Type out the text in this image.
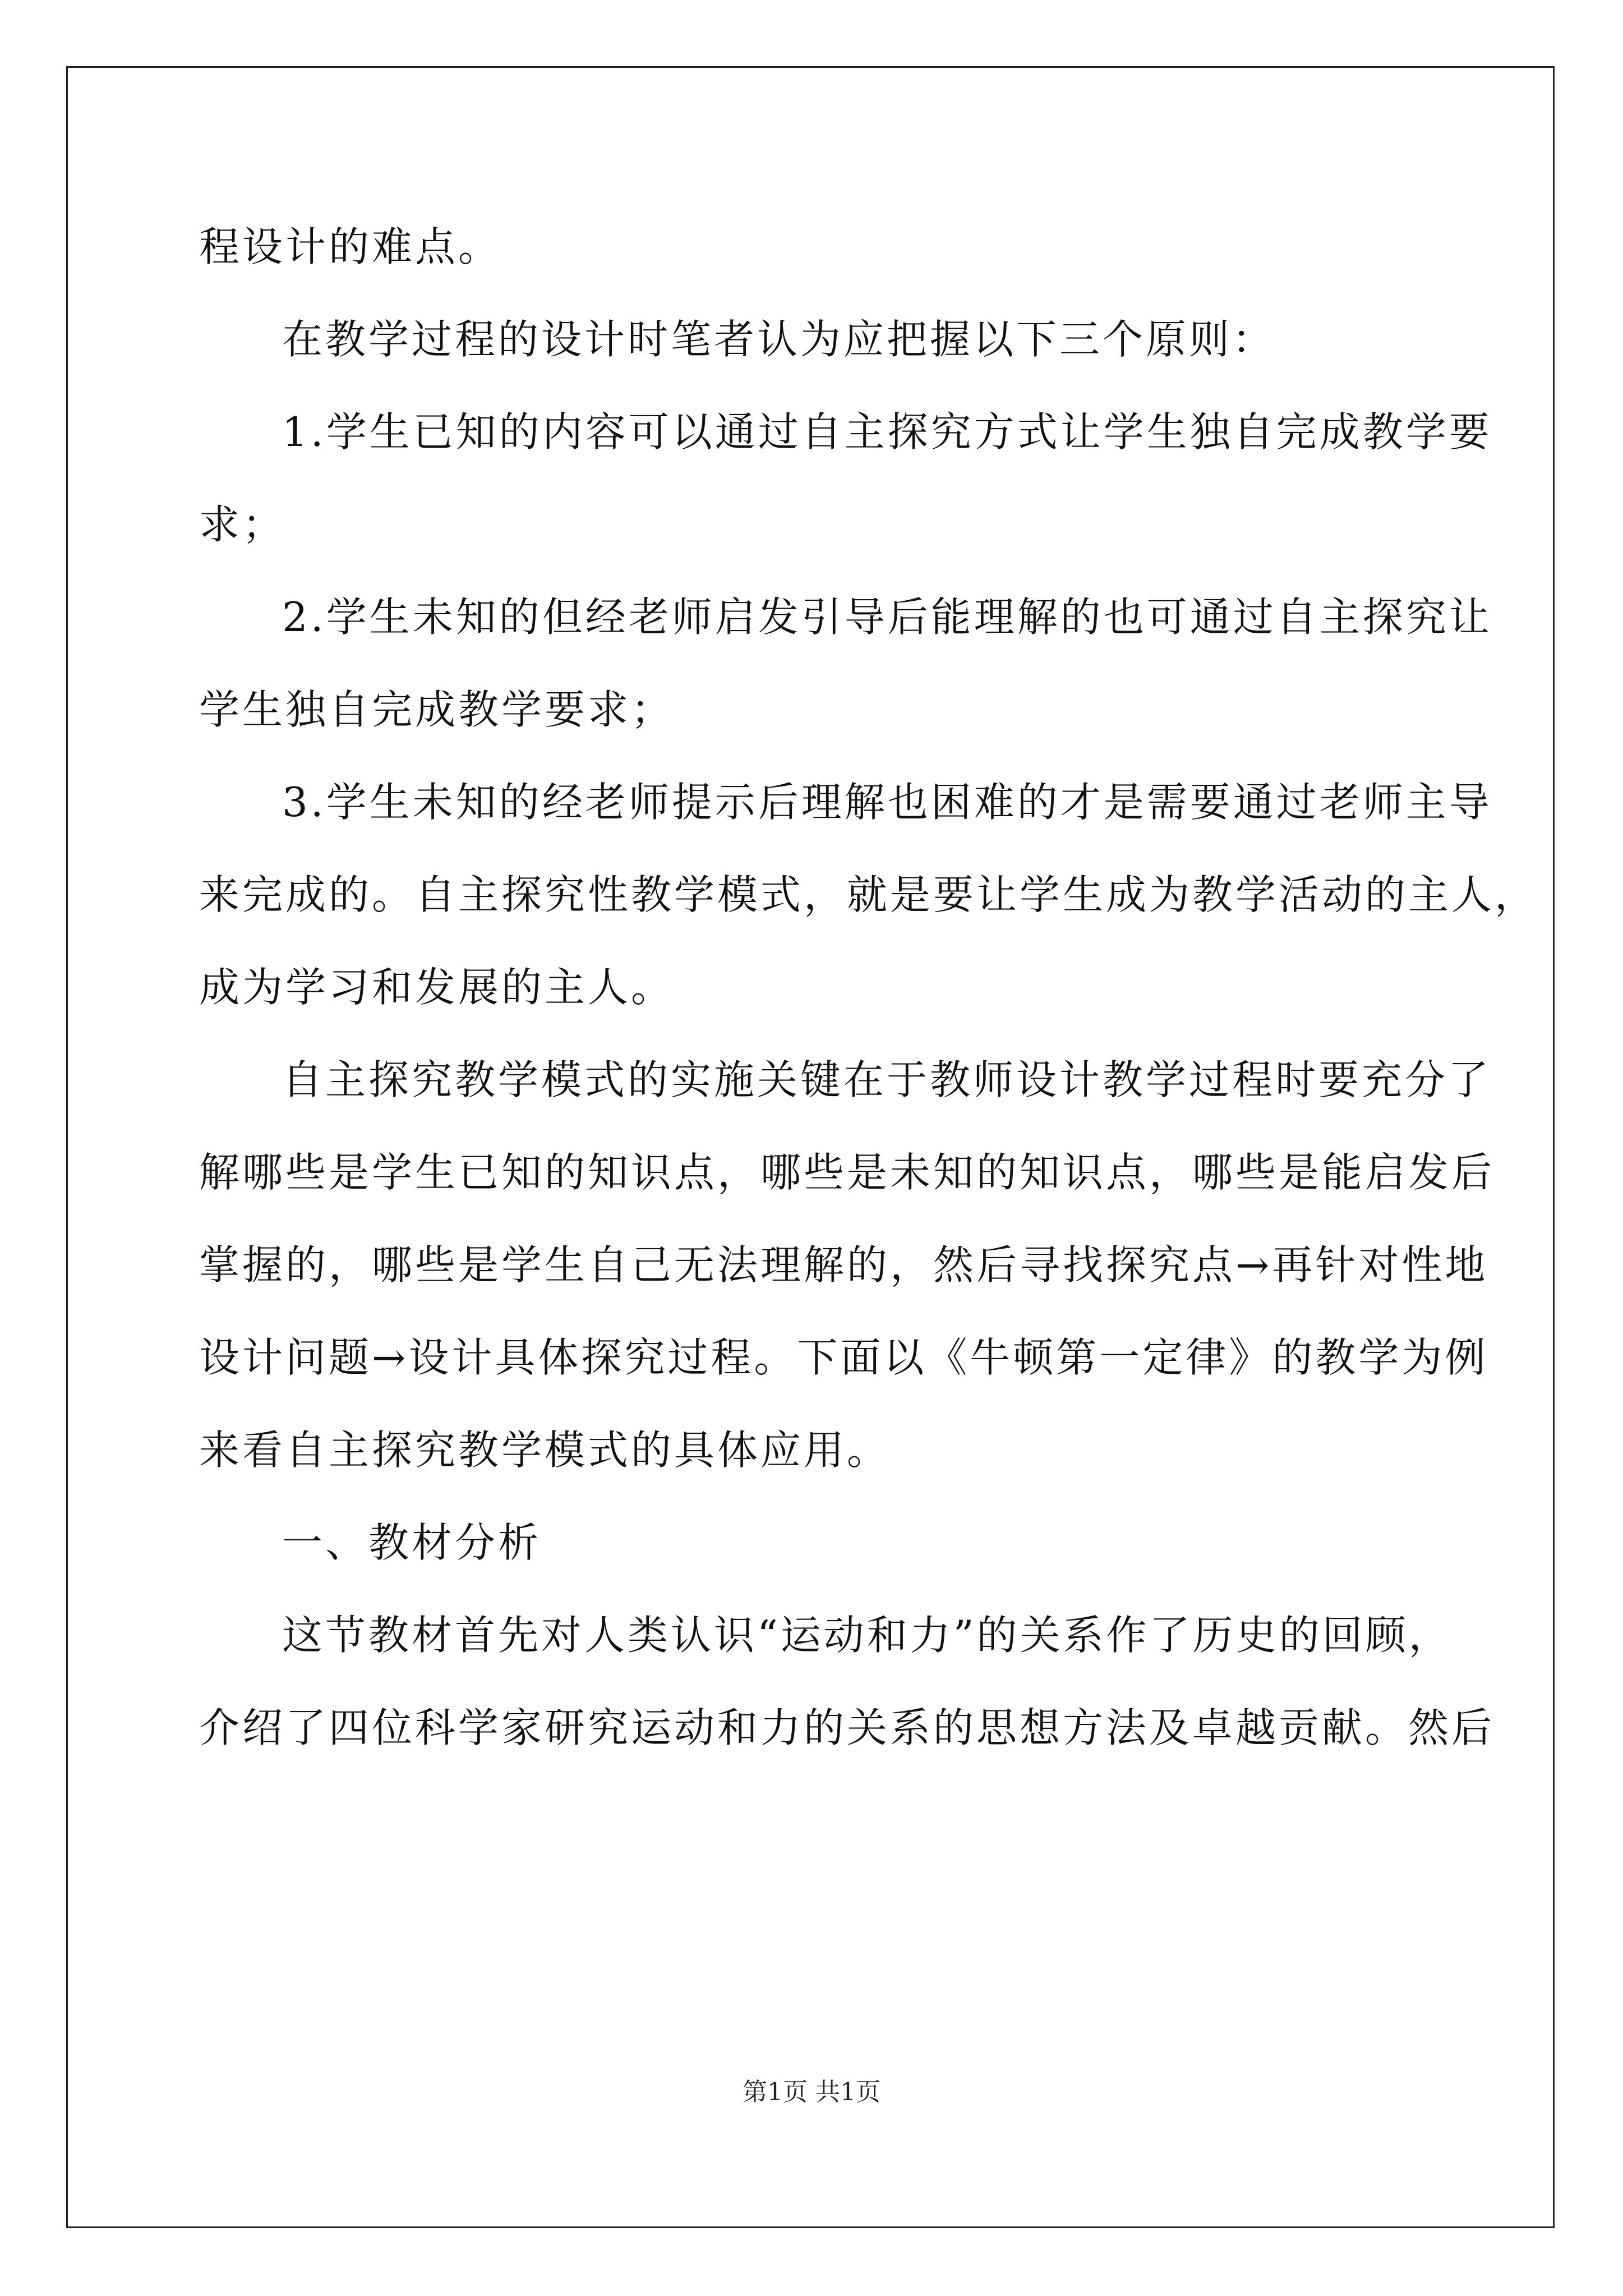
程设计的难点。
在教学过程的设计时笔者认为应把握以下三个原则：
1.学生已知的内容可以通过自主探究方式让学生独自完成教学要
求；
2.学生未知的但经老师启发引导后能理解的也可通过自主探究让
学生独自完成教学要求；
3.学生未知的经老师提示后理解也困难的才是需要通过老师主导
来完成的。自主探究性教学模式，就是要让学生成为教学活动的主人，
成为学习和发展的主人。
自主探究教学模式的实施关键在于教师设计教学过程时要充分了
解哪些是学生已知的知识点，哪些是未知的知识点，哪些是能启发后
掌握的，哪些是学生自己无法理解的，然后寻找探究点→再针对性地
设计问题→设计具体探究过程。下面以《牛顿第一定律》的教学为例
来看自主探究教学模式的具体应用。
一、教材分析
这节教材首先对人类认识“运动和力”的关系作了历史的回顾，
介绍了四位科学家研究运动和力的关系的思想方法及卓越贡献。然后
第1页 共1页
